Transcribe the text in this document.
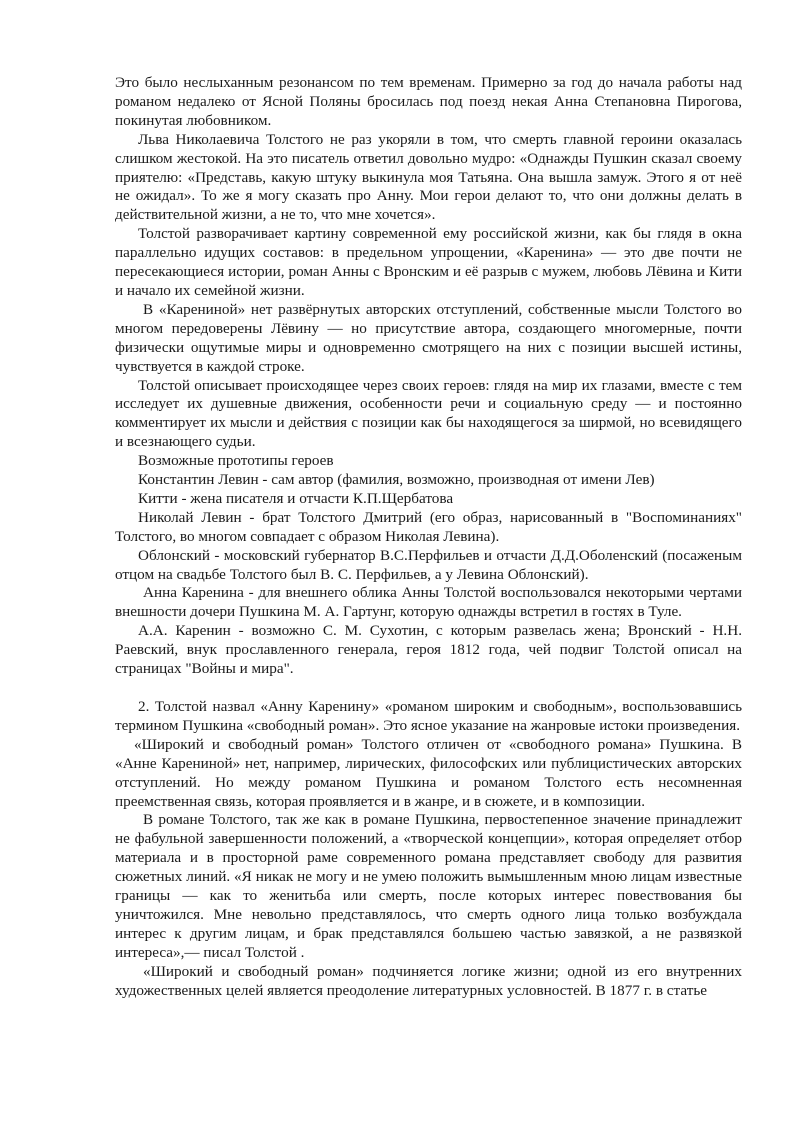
Это было неслыханным резонансом по тем временам. Примерно за год до начала работы над романом недалеко от Ясной Поляны бросилась под поезд некая Анна Степановна Пирогова, покинутая любовником.

Льва Николаевича Толстого не раз укоряли в том, что смерть главной героини оказалась слишком жестокой. На это писатель ответил довольно мудро: «Однажды Пушкин сказал своему приятелю: «Представь, какую штуку выкинула моя Татьяна. Она вышла замуж. Этого я от неё не ожидал». То же я могу сказать про Анну. Мои герои делают то, что они должны делать в действительной жизни, а не то, что мне хочется».

Толстой разворачивает картину современной ему российской жизни, как бы глядя в окна параллельно идущих составов: в предельном упрощении, «Каренина» — это две почти не пересекающиеся истории, роман Анны с Вронским и её разрыв с мужем, любовь Лёвина и Кити и начало их семейной жизни.

В «Карениной» нет развёрнутых авторских отступлений, собственные мысли Толстого во многом передоверены Лёвину — но присутствие автора, создающего многомерные, почти физически ощутимые миры и одновременно смотрящего на них с позиции высшей истины, чувствуется в каждой строке.

Толстой описывает происходящее через своих героев: глядя на мир их глазами, вместе с тем исследует их душевные движения, особенности речи и социальную среду — и постоянно комментирует их мысли и действия с позиции как бы находящегося за ширмой, но всевидящего и всезнающего судьи.

Возможные прототипы героев

Константин Левин - сам автор (фамилия, возможно, производная от имени Лев)

Китти - жена писателя и отчасти К.П.Щербатова

Николай Левин - брат Толстого Дмитрий (его образ, нарисованный в "Воспоминаниях" Толстого, во многом совпадает с образом Николая Левина).

Облонский - московский губернатор В.С.Перфильев и отчасти Д.Д.Оболенский (посаженым отцом на свадьбе Толстого был В. С. Перфильев, а у Левина Облонский).

Анна Каренина - для внешнего облика Анны Толстой воспользовался некоторыми чертами внешности дочери Пушкина М. А. Гартунг, которую однажды встретил в гостях в Туле.

А.А. Каренин - возможно С. М. Сухотин, с которым развелась жена; Вронский - Н.Н. Раевский, внук прославленного генерала, героя 1812 года, чей подвиг Толстой описал на страницах "Войны и мира".

2. Толстой назвал «Анну Каренину» «романом широким и свободным», воспользовавшись термином Пушкина «свободный роман». Это ясное указание на жанровые истоки произведения.

«Широкий и свободный роман» Толстого отличен от «свободного романа» Пушкина. В «Анне Карениной» нет, например, лирических, философских или публицистических авторских отступлений. Но между романом Пушкина и романом Толстого есть несомненная преемственная связь, которая проявляется и в жанре, и в сюжете, и в композиции.

В романе Толстого, так же как в романе Пушкина, первостепенное значение принадлежит не фабульной завершенности положений, а «творческой концепции», которая определяет отбор материала и в просторной раме современного романа представляет свободу для развития сюжетных линий. «Я никак не могу и не умею положить вымышленным мною лицам известные границы — как то женитьба или смерть, после которых интерес повествования бы уничтожился. Мне невольно представлялось, что смерть одного лица только возбуждала интерес к другим лицам, и брак представлялся большею частью завязкой, а не развязкой интереса»,— писал Толстой .

«Широкий и свободный роман» подчиняется логике жизни; одной из его внутренних художественных целей является преодоление литературных условностей. В 1877 г. в статье
